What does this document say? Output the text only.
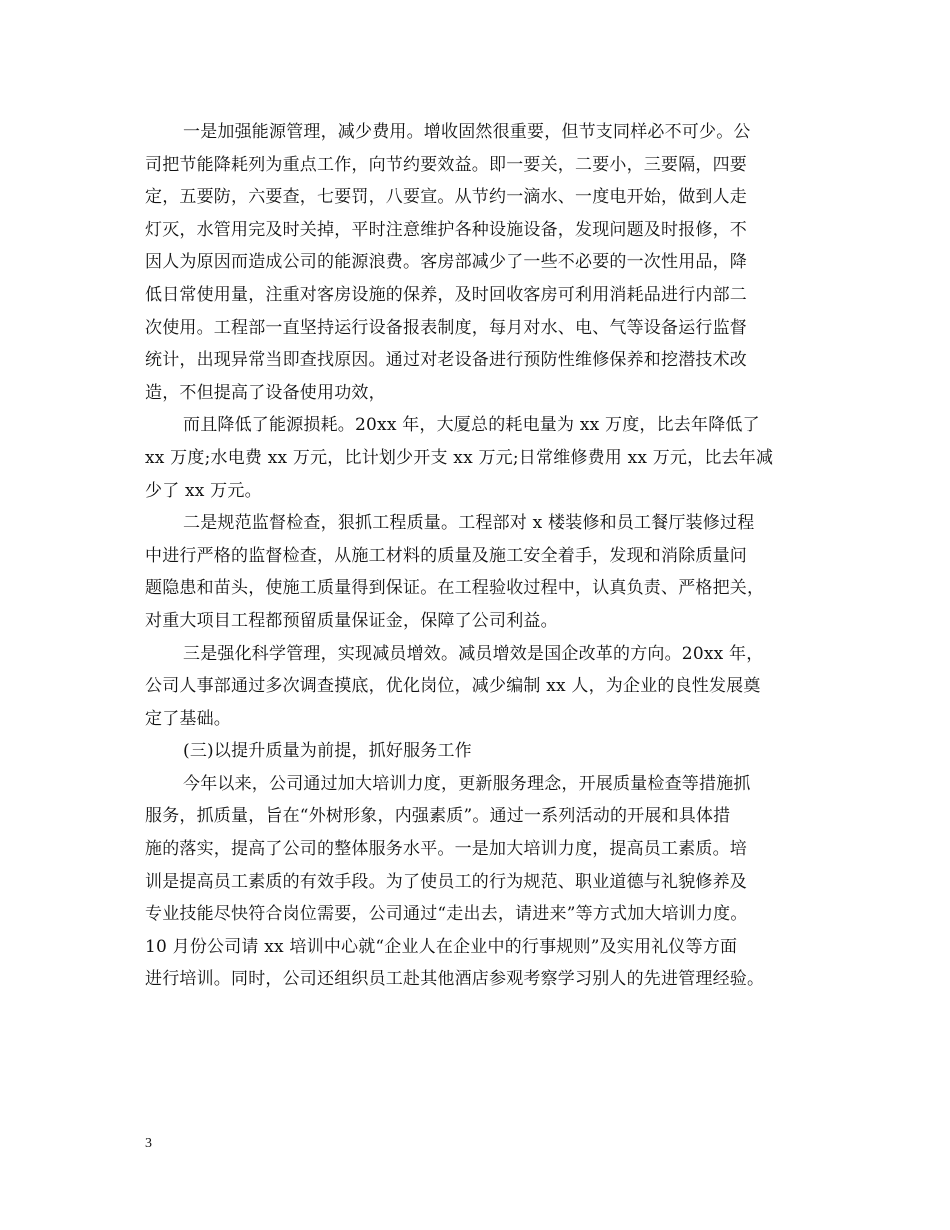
一是加强能源管理，减少费用。增收固然很重要，但节支同样必不可少。公
司把节能降耗列为重点工作，向节约要效益。即一要关，二要小，三要隔，四要
定，五要防，六要查，七要罚，八要宣。从节约一滴水、一度电开始，做到人走
灯灭，水管用完及时关掉，平时注意维护各种设施设备，发现问题及时报修，不
因人为原因而造成公司的能源浪费。客房部减少了一些不必要的一次性用品，降
低日常使用量，注重对客房设施的保养，及时回收客房可利用消耗品进行内部二
次使用。工程部一直坚持运行设备报表制度，每月对水、电、气等设备运行监督
统计，出现异常当即查找原因。通过对老设备进行预防性维修保养和挖潜技术改
造，不但提高了设备使用功效，
而且降低了能源损耗。20xx 年，大厦总的耗电量为 xx 万度，比去年降低了
xx 万度;水电费 xx 万元，比计划少开支 xx 万元;日常维修费用 xx 万元，比去年减
少了 xx 万元。
二是规范监督检查，狠抓工程质量。工程部对 x 楼装修和员工餐厅装修过程
中进行严格的监督检查，从施工材料的质量及施工安全着手，发现和消除质量问
题隐患和苗头，使施工质量得到保证。在工程验收过程中，认真负责、严格把关，
对重大项目工程都预留质量保证金，保障了公司利益。
三是强化科学管理，实现减员增效。减员增效是国企改革的方向。20xx 年，
公司人事部通过多次调查摸底，优化岗位，减少编制 xx 人，为企业的良性发展奠
定了基础。
(三)以提升质量为前提，抓好服务工作
今年以来，公司通过加大培训力度，更新服务理念，开展质量检查等措施抓
服务，抓质量，旨在“外树形象，内强素质”。通过一系列活动的开展和具体措
施的落实，提高了公司的整体服务水平。一是加大培训力度，提高员工素质。培
训是提高员工素质的有效手段。为了使员工的行为规范、职业道德与礼貌修养及
专业技能尽快符合岗位需要，公司通过“走出去，请进来”等方式加大培训力度。
10 月份公司请 xx 培训中心就“企业人在企业中的行事规则”及实用礼仪等方面
进行培训。同时，公司还组织员工赴其他酒店参观考察学习别人的先进管理经验。
3
